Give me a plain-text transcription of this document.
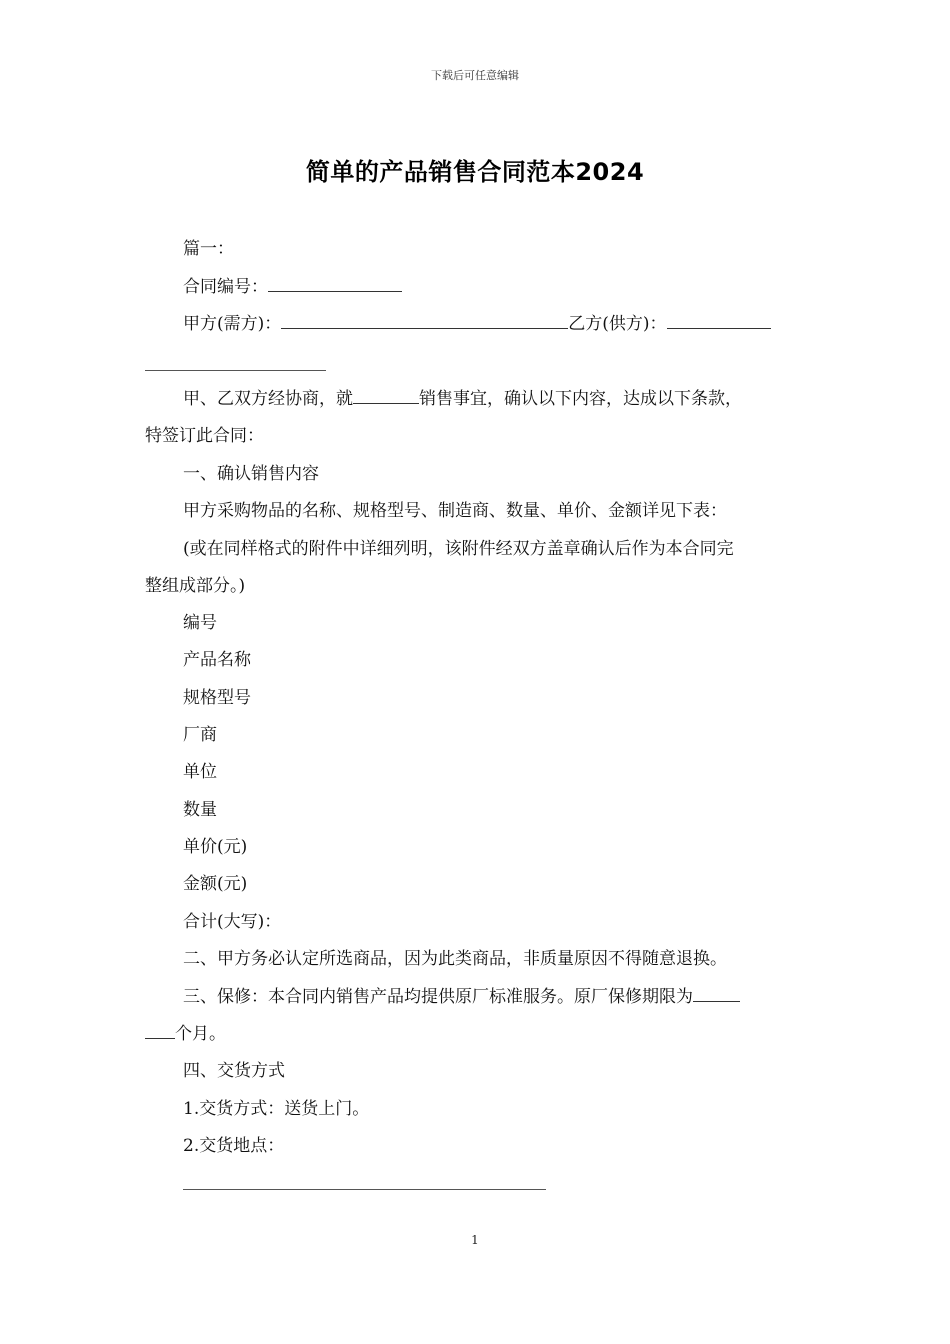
下载后可任意编辑
简单的产品销售合同范本2024
篇一：
合同编号：
甲方(需方)：	乙方(供方)：
甲、乙双方经协商，就	销售事宜，确认以下内容，达成以下条款，
特签订此合同：
一、确认销售内容
甲方采购物品的名称、规格型号、制造商、数量、单价、金额详见下表：
(或在同样格式的附件中详细列明，该附件经双方盖章确认后作为本合同完
整组成部分。)
编号
产品名称
规格型号
厂商
单位
数量
单价(元)
金额(元)
合计(大写)：
二、甲方务必认定所选商品，因为此类商品，非质量原因不得随意退换。
三、保修：本合同内销售产品均提供原厂标准服务。原厂保修期限为
个月。
四、交货方式
1.交货方式：送货上门。
2.交货地点：
1
